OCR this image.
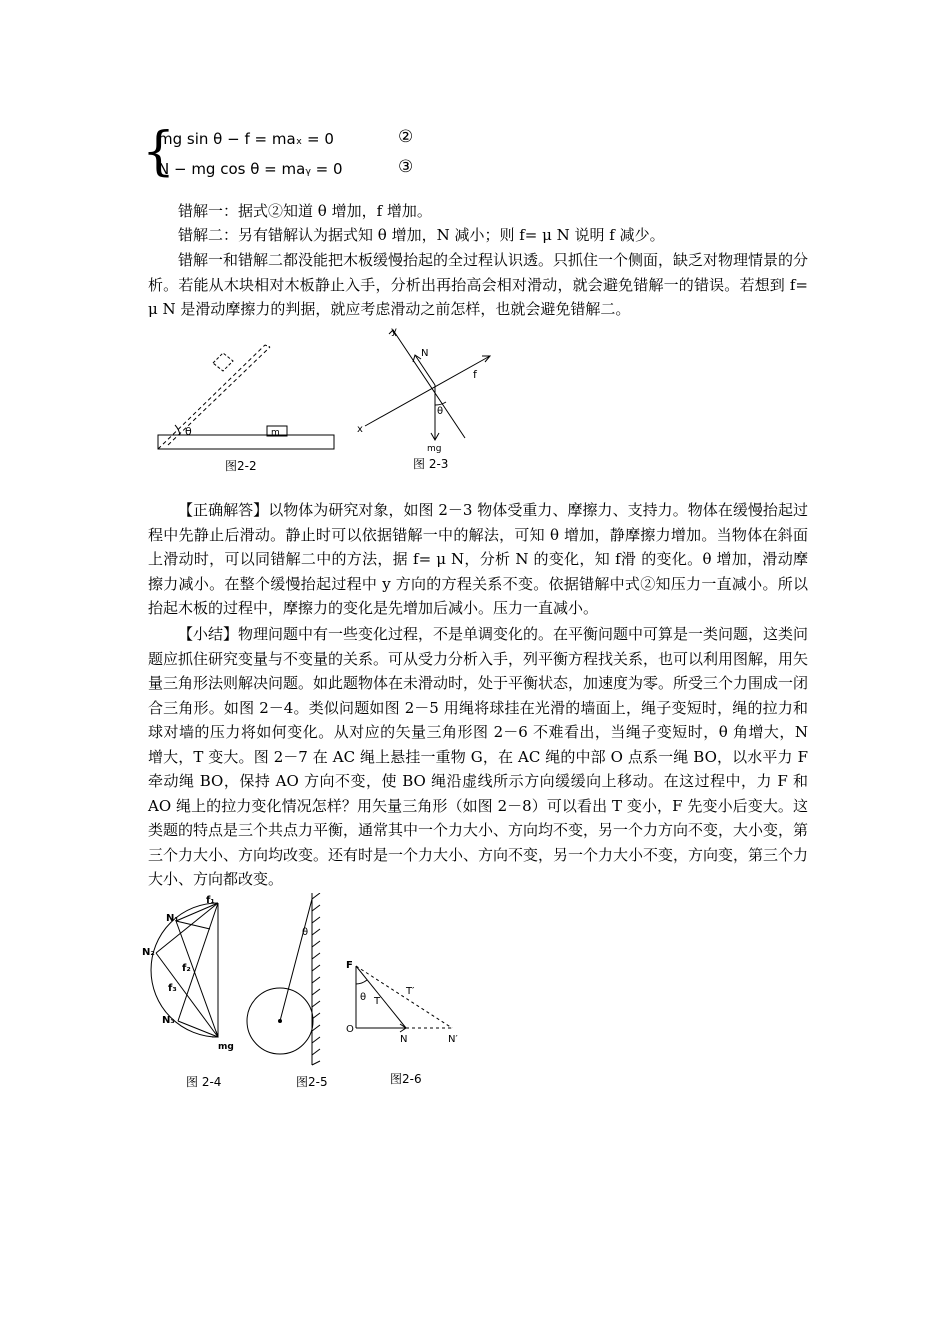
{
mg sin θ − f = maₓ = 0	②
N − mg cos θ = maᵧ = 0	③
错解一：据式②知道 θ 增加，f 增加。
错解二：另有错解认为据式知 θ 增加，N 减小；则 f= μ N 说明 f 减少。
错解一和错解二都没能把木板缓慢抬起的全过程认识透。只抓住一个侧面，缺乏对物理情景的分析。若能从木块相对木板静止入手，分析出再抬高会相对滑动，就会避免错解一的错误。若想到 f= μ N 是滑动摩擦力的判据，就应考虑滑动之前怎样，也就会避免错解二。
θ	m
图2-2
y
x
N
f
θ
mg
图 2-3
【正确解答】以物体为研究对象，如图 2－3 物体受重力、摩擦力、支持力。物体在缓慢抬起过程中先静止后滑动。静止时可以依据错解一中的解法，可知 θ 增加，静摩擦力增加。当物体在斜面上滑动时，可以同错解二中的方法，据 f= μ N，分析 N 的变化，知 f滑 的变化。θ 增加，滑动摩擦力减小。在整个缓慢抬起过程中 y 方向的方程关系不变。依据错解中式②知压力一直减小。所以抬起木板的过程中，摩擦力的变化是先增加后减小。压力一直减小。
【小结】物理问题中有一些变化过程，不是单调变化的。在平衡问题中可算是一类问题，这类问题应抓住研究变量与不变量的关系。可从受力分析入手，列平衡方程找关系，也可以利用图解，用矢量三角形法则解决问题。如此题物体在未滑动时，处于平衡状态，加速度为零。所受三个力围成一闭合三角形。如图 2－4。类似问题如图 2－5 用绳将球挂在光滑的墙面上，绳子变短时，绳的拉力和球对墙的压力将如何变化。从对应的矢量三角形图 2－6 不难看出，当绳子变短时，θ 角增大，N 增大，T 变大。图 2－7 在 AC 绳上悬挂一重物 G，在 AC 绳的中部 O 点系一绳 BO，以水平力 F 牵动绳 BO，保持 AO 方向不变，使 BO 绳沿虚线所示方向缓缓向上移动。在这过程中，力 F 和 AO 绳上的拉力变化情况怎样？用矢量三角形（如图 2－8）可以看出 T 变小，F 先变小后变大。这类题的特点是三个共点力平衡，通常其中一个力大小、方向均不变，另一个力方向不变，大小变，第三个力大小、方向均改变。还有时是一个力大小、方向不变，另一个力大小不变，方向变，第三个力大小、方向都改变。
f₁
N₁
N₂
f₂
f₃
N₃
mg
图 2-4
θ
图2-5
F
θ T
T′
O
N	N′
图2-6
